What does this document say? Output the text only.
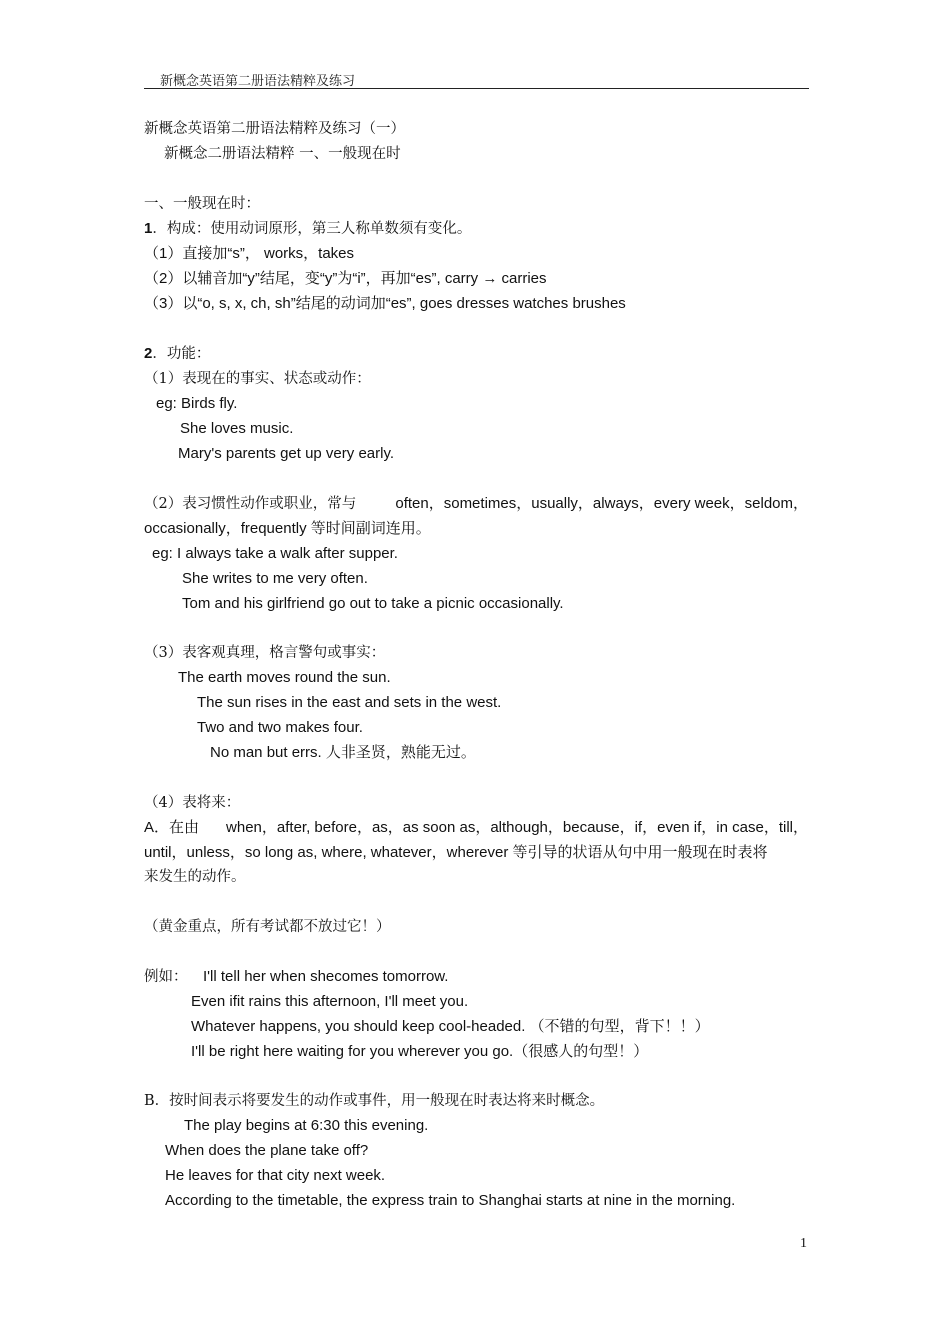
新概念英语第二册语法精粹及练习
新概念英语第二册语法精粹及练习（一）
新概念二册语法精粹 一、一般现在时
一、一般现在时：
1．构成：使用动词原形，第三人称单数须有变化。
（1）直接加“s”， works，takes
（2）以辅音加“y”结尾，变“y”为“i”，再加“es”, carry → carries
（3）以“o, s, x, ch, sh”结尾的动词加“es”, goes dresses watches brushes
2．功能：
（1）表现在的事实、状态或动作：
eg: Birds fly.
She loves music.
Mary's parents get up very early.
（2）表习惯性动作或职业，常与	often，sometimes，usually，always，every week，seldom，
occasionally，frequently 等时间副词连用。
eg: I always take a walk after supper.
She writes to me very often.
Tom and his girlfriend go out to take a picnic occasionally.
（3）表客观真理，格言警句或事实：
The earth moves round the sun.
The sun rises in the east and sets in the west.
Two and two makes four.
No man but errs. 人非圣贤，熟能无过。
（4）表将来：
A．在由 when，after, before，as，as soon as，although，because，if，even if，in case，till，
until，unless，so long as, where, whatever，wherever 等引导的状语从句中用一般现在时表将
来发生的动作。
（黄金重点，所有考试都不放过它！）
例如： I'll tell her when shecomes tomorrow.
Even ifit rains this afternoon, I'll meet you.
Whatever happens, you should keep cool-headed. （不错的句型，背下！！）
I'll be right here waiting for you wherever you go.（很感人的句型！）
B．按时间表示将要发生的动作或事件，用一般现在时表达将来时概念。
The play begins at 6:30 this evening.
When does the plane take off?
He leaves for that city next week.
According to the timetable, the express train to Shanghai starts at nine in the morning.
1
